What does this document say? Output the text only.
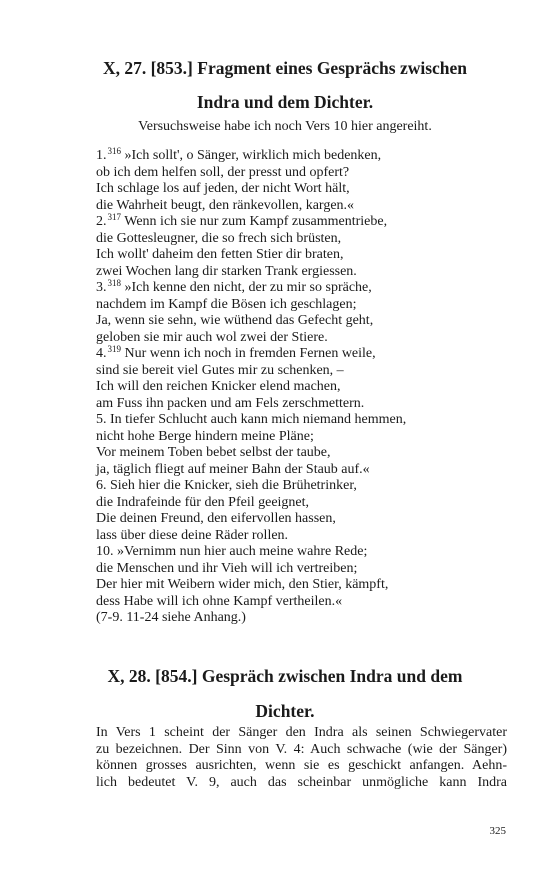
X, 27. [853.] Fragment eines Gesprächs zwischen
Indra und dem Dichter.

Versuchsweise habe ich noch Vers 10 hier angereiht.

1.$^{316}$ »Ich sollt', o Sänger, wirklich mich bedenken,
ob ich dem helfen soll, der presst und opfert?
Ich schlage los auf jeden, der nicht Wort hält,
die Wahrheit beugt, den ränkevollen, kargen.«
2.$^{317}$ Wenn ich sie nur zum Kampf zusammentriebe,
die Gottesleugner, die so frech sich brüsten,
Ich wollt' daheim den fetten Stier dir braten,
zwei Wochen lang dir starken Trank ergiessen.
3.$^{318}$ »Ich kenne den nicht, der zu mir so spräche,
nachdem im Kampf die Bösen ich geschlagen;
Ja, wenn sie sehn, wie wüthend das Gefecht geht,
geloben sie mir auch wol zwei der Stiere.
4.$^{319}$ Nur wenn ich noch in fremden Fernen weile,
sind sie bereit viel Gutes mir zu schenken, –
Ich will den reichen Knicker elend machen,
am Fuss ihn packen und am Fels zerschmettern.
5. In tiefer Schlucht auch kann mich niemand hemmen,
nicht hohe Berge hindern meine Pläne;
Vor meinem Toben bebet selbst der taube,
ja, täglich fliegt auf meiner Bahn der Staub auf.«
6. Sieh hier die Knicker, sieh die Brühetrinker,
die Indrafeinde für den Pfeil geeignet,
Die deinen Freund, den eifervollen hassen,
lass über diese deine Räder rollen.
10. »Vernimm nun hier auch meine wahre Rede;
die Menschen und ihr Vieh will ich vertreiben;
Der hier mit Weibern wider mich, den Stier, kämpft,
dess Habe will ich ohne Kampf vertheilen.«
(7-9. 11-24 siehe Anhang.)
X, 28. [854.] Gespräch zwischen Indra und dem
Dichter.
In Vers 1 scheint der Sänger den Indra als seinen Schwiegervater
zu bezeichnen. Der Sinn von V. 4: Auch schwache (wie der Sänger)
können grosses ausrichten, wenn sie es geschickt anfangen. Aehn-
lich bedeutet V. 9, auch das scheinbar unmögliche kann Indra

325
